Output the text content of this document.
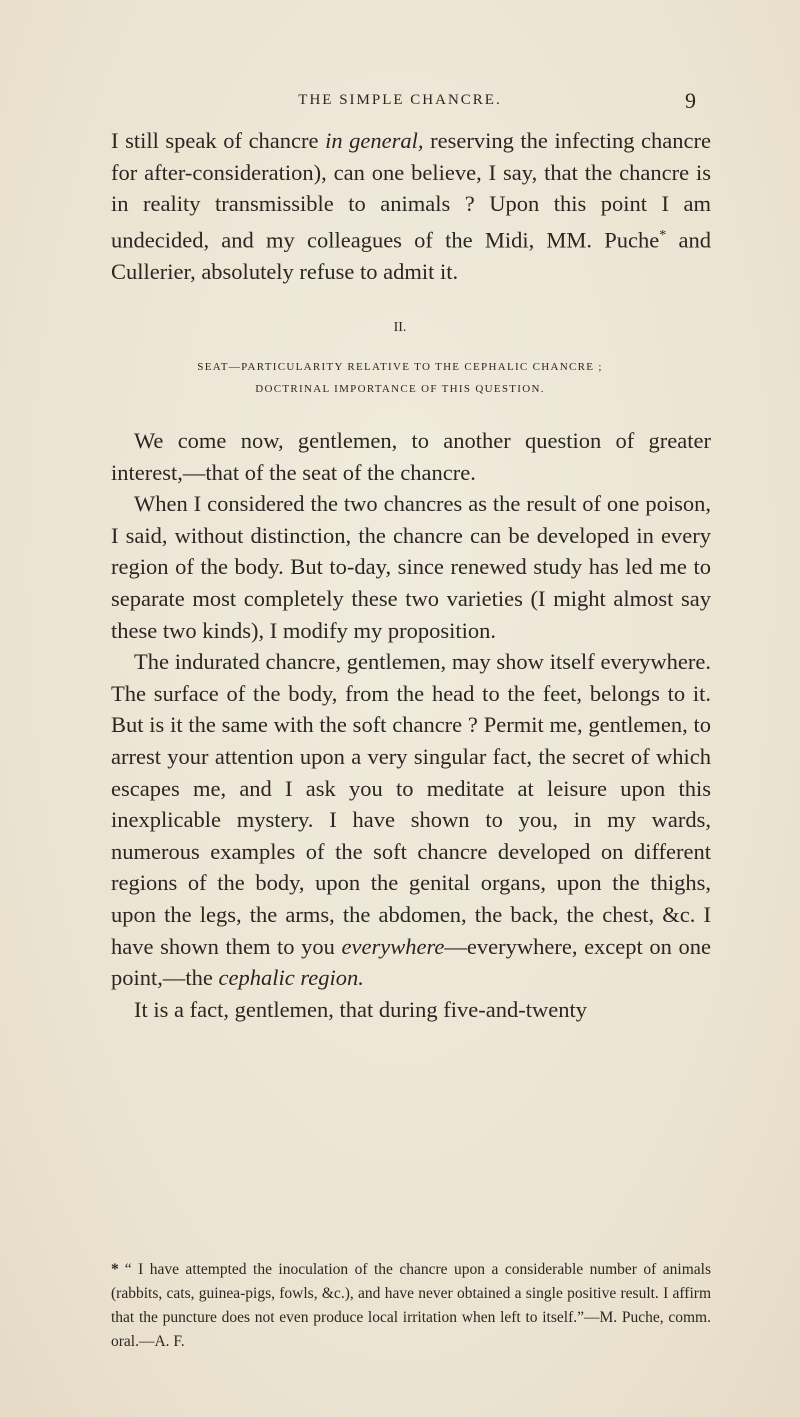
THE SIMPLE CHANCRE.	9

I still speak of chancre in general, reserving the infecting chancre for after-consideration), can one believe, I say, that the chancre is in reality transmissible to animals ? Upon this point I am undecided, and my colleagues of the Midi, MM. Puche* and Cullerier, absolutely refuse to admit it.

II.
SEAT—PARTICULARITY RELATIVE TO THE CEPHALIC CHANCRE ;
DOCTRINAL IMPORTANCE OF THIS QUESTION.

We come now, gentlemen, to another question of greater interest,—that of the seat of the chancre.

When I considered the two chancres as the result of one poison, I said, without distinction, the chancre can be developed in every region of the body. But to-day, since renewed study has led me to separate most completely these two varieties (I might almost say these two kinds), I modify my proposition.

The indurated chancre, gentlemen, may show itself everywhere. The surface of the body, from the head to the feet, belongs to it. But is it the same with the soft chancre ? Permit me, gentlemen, to arrest your attention upon a very singular fact, the secret of which escapes me, and I ask you to meditate at leisure upon this inexplicable mystery. I have shown to you, in my wards, numerous examples of the soft chancre developed on different regions of the body, upon the genital organs, upon the thighs, upon the legs, the arms, the abdomen, the back, the chest, &c. I have shown them to you everywhere—everywhere, except on one point,—the cephalic region.

It is a fact, gentlemen, that during five-and-twenty

* “ I have attempted the inoculation of the chancre upon a considerable number of animals (rabbits, cats, guinea-pigs, fowls, &c.), and have never obtained a single positive result. I affirm that the puncture does not even produce local irritation when left to itself.”—M. Puche, comm. oral.—A. F.
